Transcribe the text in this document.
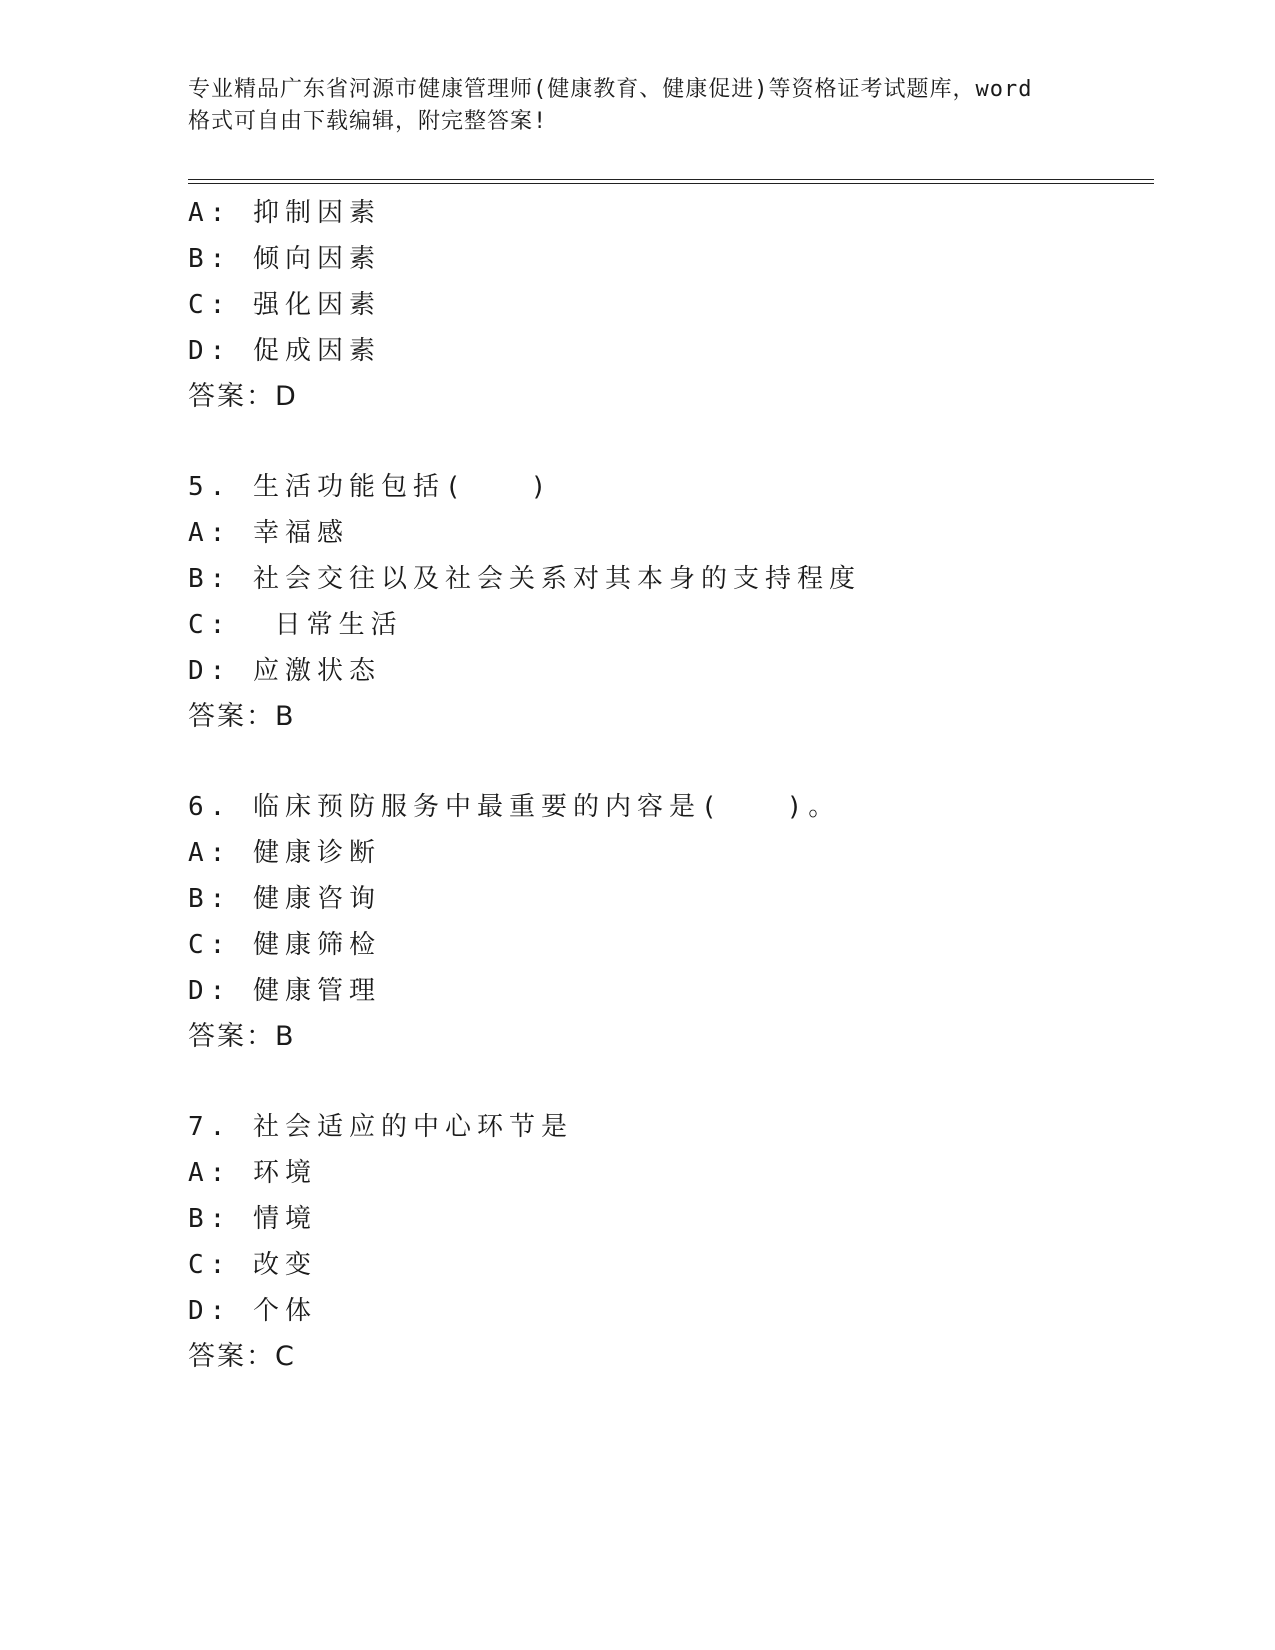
专业精品广东省河源市健康管理师(健康教育、健康促进)等资格证考试题库，word
格式可自由下载编辑，附完整答案!
A: 抑制因素
B: 倾向因素
C: 强化因素
D: 促成因素
答案：D
5. 生活功能包括(　　)
A: 幸福感
B: 社会交往以及社会关系对其本身的支持程度
C:  日常生活
D: 应激状态
答案：B
6. 临床预防服务中最重要的内容是(　　)。
A: 健康诊断
B: 健康咨询
C: 健康筛检
D: 健康管理
答案：B
7. 社会适应的中心环节是
A: 环境
B: 情境
C: 改变
D: 个体
答案：C
